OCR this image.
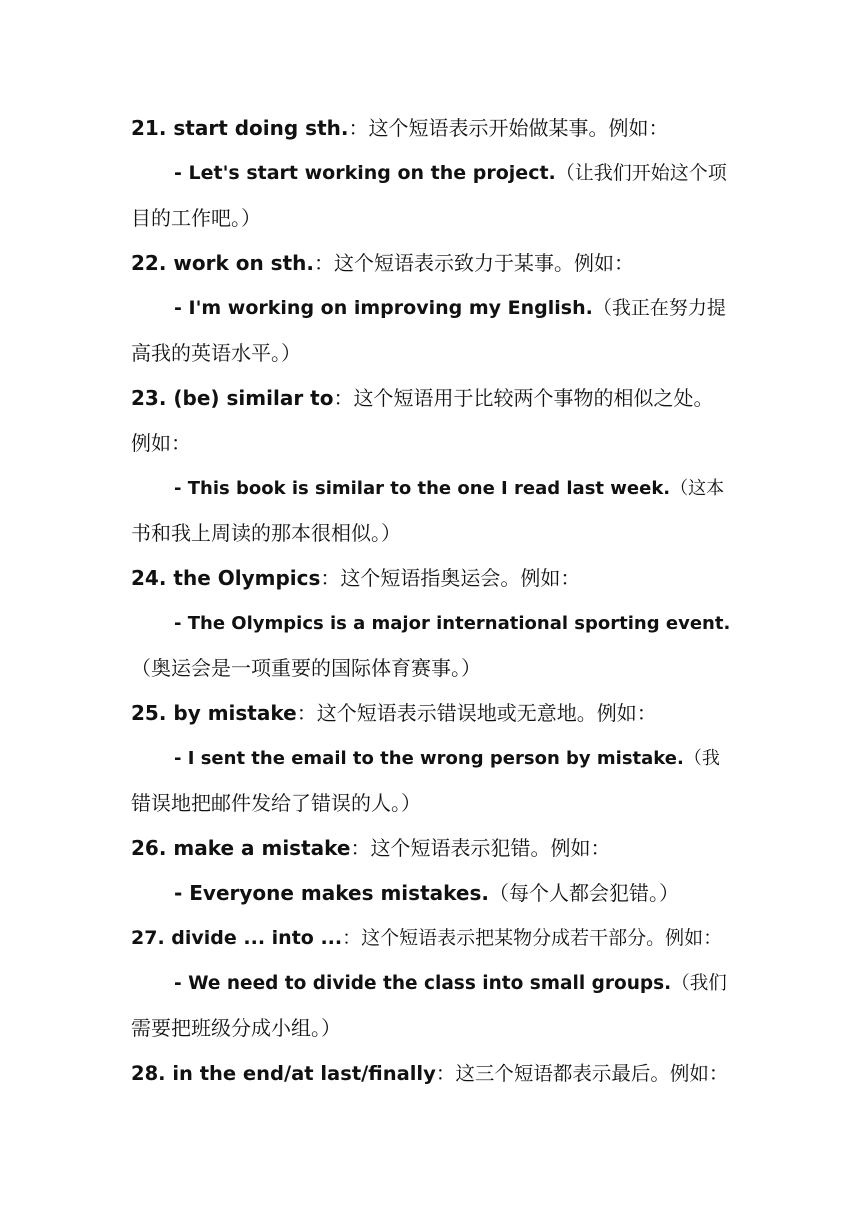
21. start doing sth.：这个短语表示开始做某事。例如：
- Let's start working on the project.（让我们开始这个项
目的工作吧。）
22. work on sth.：这个短语表示致力于某事。例如：
- I'm working on improving my English.（我正在努力提
高我的英语水平。）
23. (be) similar to：这个短语用于比较两个事物的相似之处。
例如：
- This book is similar to the one I read last week.（这本
书和我上周读的那本很相似。）
24. the Olympics：这个短语指奥运会。例如：
- The Olympics is a major international sporting event.
（奥运会是一项重要的国际体育赛事。）
25. by mistake：这个短语表示错误地或无意地。例如：
- I sent the email to the wrong person by mistake.（我
错误地把邮件发给了错误的人。）
26. make a mistake：这个短语表示犯错。例如：
- Everyone makes mistakes.（每个人都会犯错。）
27. divide ... into ...：这个短语表示把某物分成若干部分。例如：
- We need to divide the class into small groups.（我们
需要把班级分成小组。）
28. in the end/at last/finally：这三个短语都表示最后。例如：
